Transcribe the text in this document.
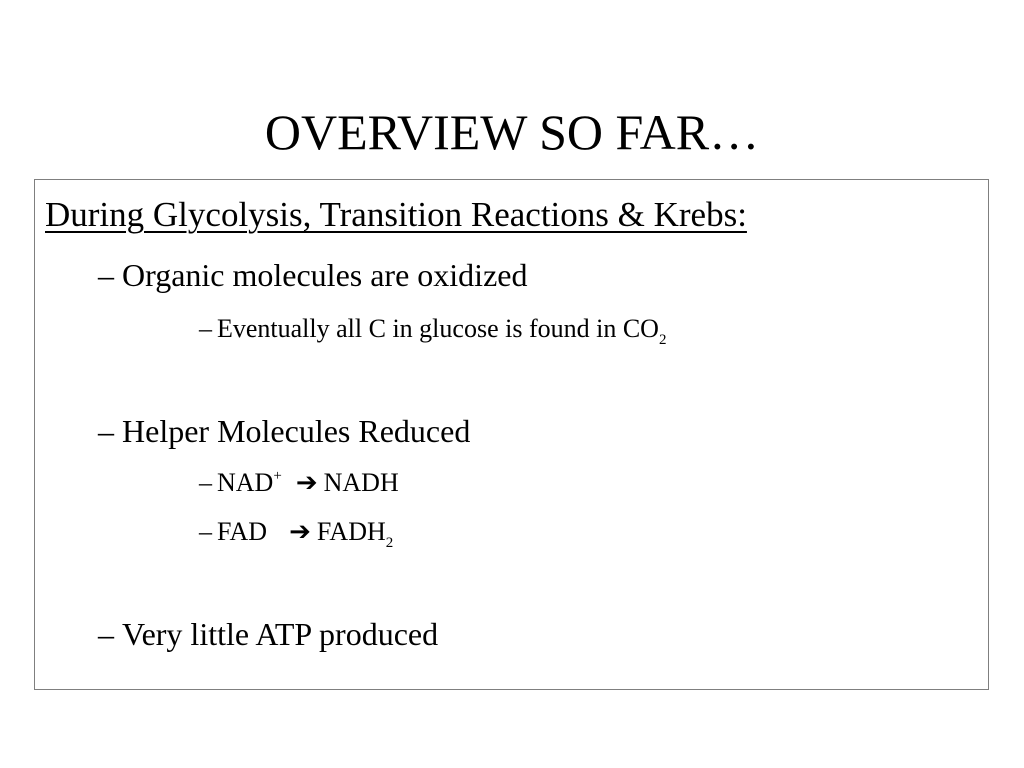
OVERVIEW SO FAR…
During Glycolysis, Transition Reactions & Krebs:
– Organic molecules are oxidized
– Eventually all C in glucose is found in $CO_2$
– Helper Molecules Reduced
– NAD+ ➔ NADH
– FAD ➔ $FADH_2$
– Very little ATP produced
